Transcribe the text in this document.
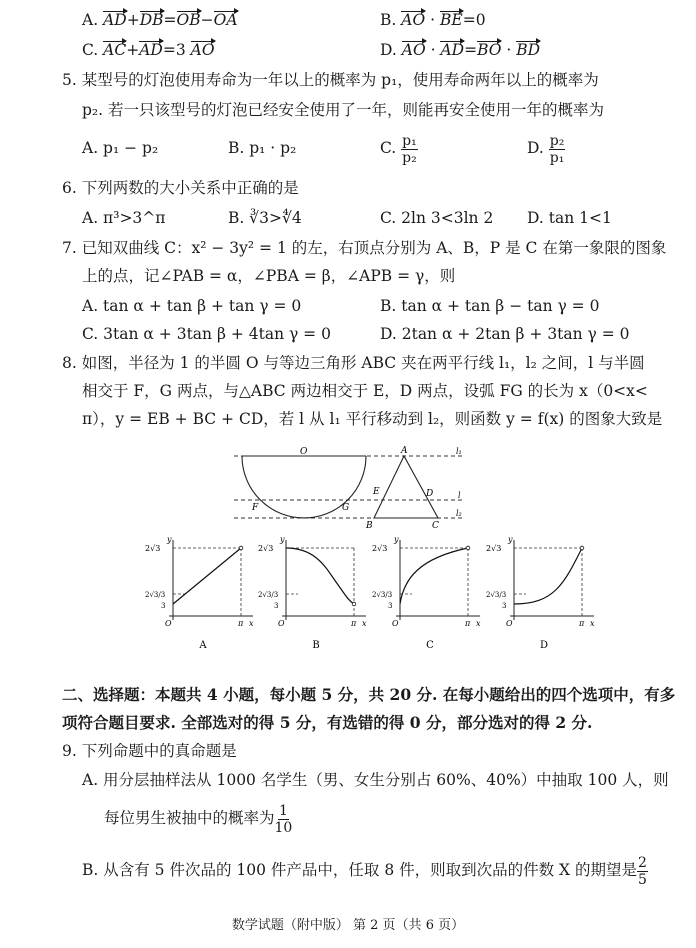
A. AD+DB=OB−OA	B. AO · BE=0
C. AC+AD=3 AO	D. AO · AD=BO · BD
5. 某型号的灯泡使用寿命为一年以上的概率为 p₁，使用寿命两年以上的概率为
p₂. 若一只该型号的灯泡已经安全使用了一年，则能再安全使用一年的概率为
A. p₁ − p₂	B. p₁ · p₂	C. $\frac{\text{p₁}}{\text{p₂}}$	D. $\frac{\text{p₂}}{\text{p₁}}$
6. 下列两数的大小关系中正确的是
A. π³>3^π	B. ∛3>∜4	C. 2ln 3<3ln 2 D. tan 1<1
7. 已知双曲线 C：x² − 3y² = 1 的左，右顶点分别为 A、B，P 是 C 在第一象限的图象
上的点，记∠PAB = α，∠PBA = β，∠APB = γ，则
A. tan α + tan β + tan γ = 0	B. tan α + tan β − tan γ = 0
C. 3tan α + 3tan β + 4tan γ = 0	D. 2tan α + 2tan β + 3tan γ = 0
8. 如图，半径为 1 的半圆 O 与等边三角形 ABC 夹在两平行线 l₁，l₂ 之间，l 与半圆
相交于 F，G 两点，与△ABC 两边相交于 E，D 两点，设弧 FG 的长为 x（0<x<
π），y = EB + BC + CD，若 l 从 l₁ 平行移动到 l₂，则函数 y = f(x) 的图象大致是
O	A
B	C
D
E
F	G
l₁
l
l₂
二、选择题：本题共 4 小题，每小题 5 分，共 20 分. 在每小题给出的四个选项中，有多
项符合题目要求. 全部选对的得 5 分，有选错的得 0 分，部分选对的得 2 分.
9. 下列命题中的真命题是
A. 用分层抽样法从 1000 名学生（男、女生分别占 60%、40%）中抽取 100 人，则
每位男生被抽中的概率为 $\frac{1}{10}$
B. 从含有 5 件次品的 100 件产品中，任取 8 件，则取到次品的件数 X 的期望是 $\frac{2}{5}$
数学试题（附中版） 第 2 页（共 6 页）
y
x
O	π
2√3
2√3/3
3
A
y
x
O	π
2√3
2√3/3
3
B
y
x
O	π
2√3
2√3/3
3
C
y
x
O	π
2√3
2√3/3
3
D
